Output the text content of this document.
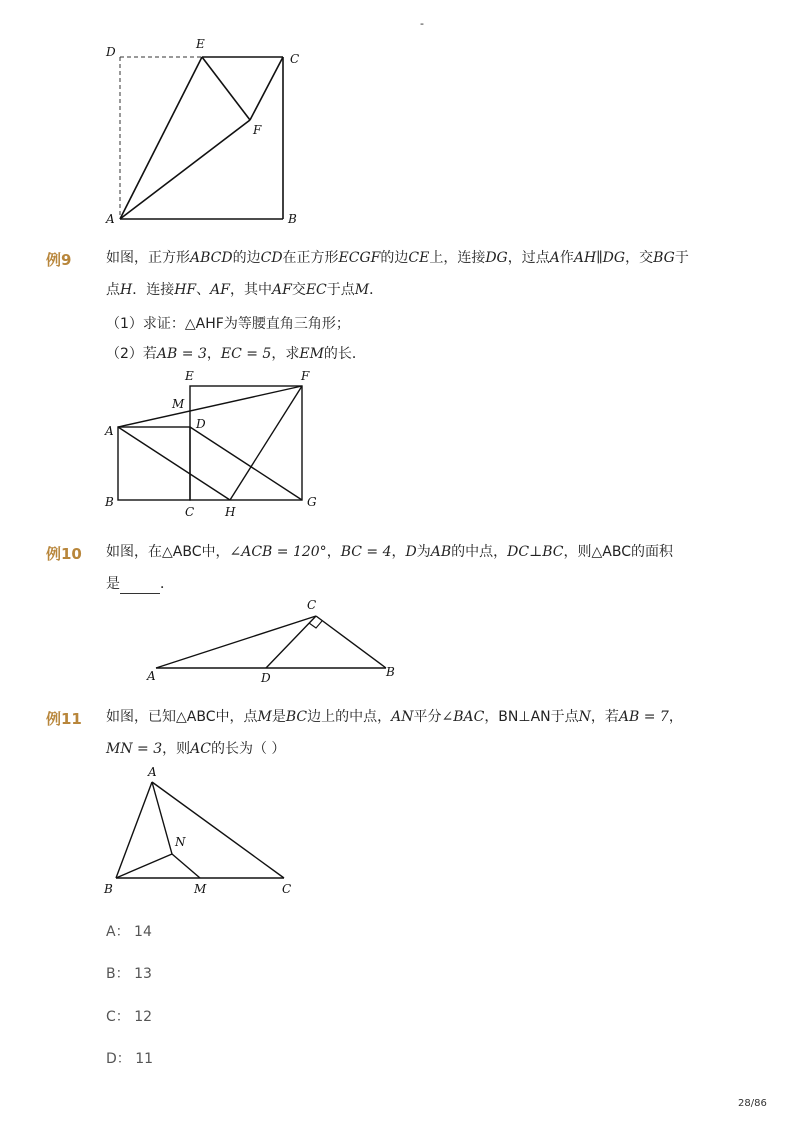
-
D
E
C
F
A	B
例9 如图，正方形ABCD的边CD在正方形ECGF的边CE上，连接DG，过点A作AH∥DG，交BG于
点H．连接HF、AF，其中AF交EC于点M．
（1）求证：△AHF为等腰直角三角形；
（2）若AB = 3，EC = 5，求EM的长．
E	F
M
A	D
B
C	H
G
例10 如图，在△ABC中，∠ACB = 120°，BC = 4，D为AB的中点，DC⊥BC，则△ABC的面积
是	．
C
A	D	B
例11 如图，已知△ABC中，点M是BC边上的中点，AN平分∠BAC，BN⊥AN于点N，若AB = 7，
MN = 3，则AC的长为（ ）
A
N
B	M	C
A： 14
B： 13
C： 12
D： 11
28/86
